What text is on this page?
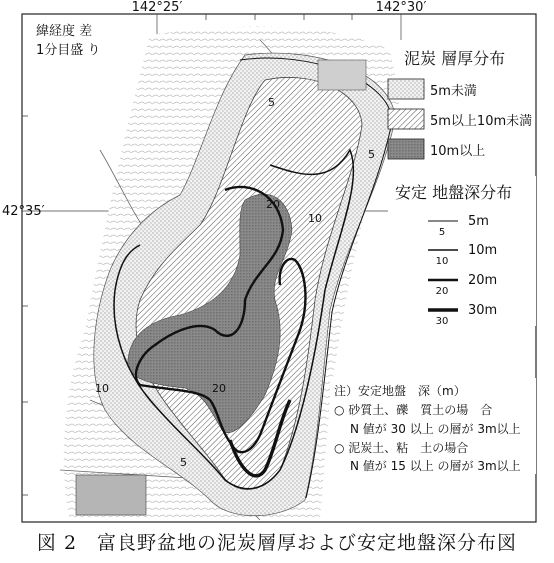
142°25′	142°30′
42°35′
緯経度 差
1分目盛 り	泥炭 層厚分布
5m未満
5m以上10m未満
10m以上
安定 地盤深分布
5
5m
10
10m
20
20m
30
30m
注）安定地盤　深（m）
○ 砂質土、礫　質土の場　合
N 値が 30 以上 の層が 3m以上
○ 泥炭土、粘　土の場合
N 値が 15 以上 の層が 3m以上
5
5
10
20
10	20
5
図 2　富良野盆地の泥炭層厚および安定地盤深分布図
